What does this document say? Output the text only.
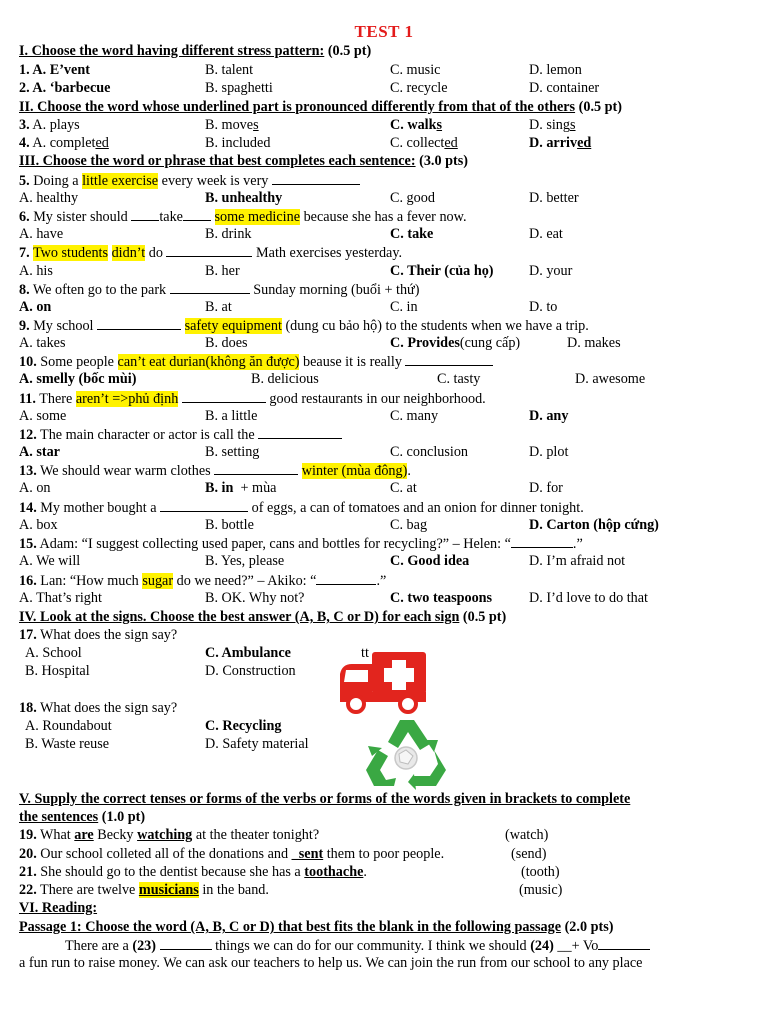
TEST 1
I. Choose the word having different stress pattern: (0.5 pt)
1. A. E’vent	B. talent	C. music	D. lemon
2. A. ‘barbecue	B. spaghetti	C. recycle	D. container
II. Choose the word whose underlined part is pronounced differently from that of the others (0.5 pt)
3. A. plays	B. moves	C. walks	D. sings
4. A. completed	B. included	C. collected	D. arrived
III. Choose the word or phrase that best completes each sentence: (3.0 pts)
5. Doing a little exercise every week is very
A. healthy	B. unhealthy	C. good	D. better
6. My sister should take some medicine because she has a fever now.
A. have	B. drink	C. take	D. eat
7. Two students didn’t do	Math exercises yesterday.
A. his	B. her	C. Their (của họ) D. your
8. We often go to the park	Sunday morning (buổi + thứ)
A. on	B. at	C. in	D. to
9. My school	safety equipment (dung cu bảo hộ) to the students when we have a trip.
A. takes	B. does	C. Provides(cung cấp)	D. makes
10. Some people can’t eat durian(không ăn được) beause it is really
A. smelly (bốc mùi)	B. delicious	C. tasty	D. awesome
11. There aren’t =>phủ định	good restaurants in our neighborhood.
A. some	B. a little	C. many	D. any
12. The main character or actor is call the
A. star	B. setting	C. conclusion	D. plot
13. We should wear warm clothes	winter (mùa đông).
A. on	B. in + mùa	C. at	D. for
14. My mother bought a	of eggs, a can of tomatoes and an onion for dinner tonight.
A. box	B. bottle	C. bag	D. Carton (hộp cứng)
15. Adam: “I suggest collecting used paper, cans and bottles for recycling?” – Helen: “	.”
A. We will	B. Yes, please	C. Good idea	D. I’m afraid not
16. Lan: “How much sugar do we need?” – Akiko: “	.”
A. That’s right	B. OK. Why not?	C. two teaspoons	D. I’d love to do that
IV. Look at the signs. Choose the best answer (A, B, C or D) for each sign (0.5 pt)
17. What does the sign say?
A. School	C. Ambulance	tt
B. Hospital	D. Construction
18. What does the sign say?
A. Roundabout	C. Recycling
B. Waste reuse	D. Safety material
V. Supply the correct tenses or forms of the verbs or forms of the words given in brackets to complete
the sentences (1.0 pt)
19. What are Becky watching at the theater tonight?	(watch)
20. Our school colleted all of the donations and _sent them to poor people.	(send)
21. She should go to the dentist because she has a toothache.	(tooth)
22. There are twelve musicians in the band.	(music)
VI. Reading:
Passage 1: Choose the word (A, B, C or D) that best fits the blank in the following passage (2.0 pts)
There are a (23)	things we can do for our community. I think we should (24) __+ Vo
a fun run to raise money. We can ask our teachers to help us. We can join the run from our school to any place
